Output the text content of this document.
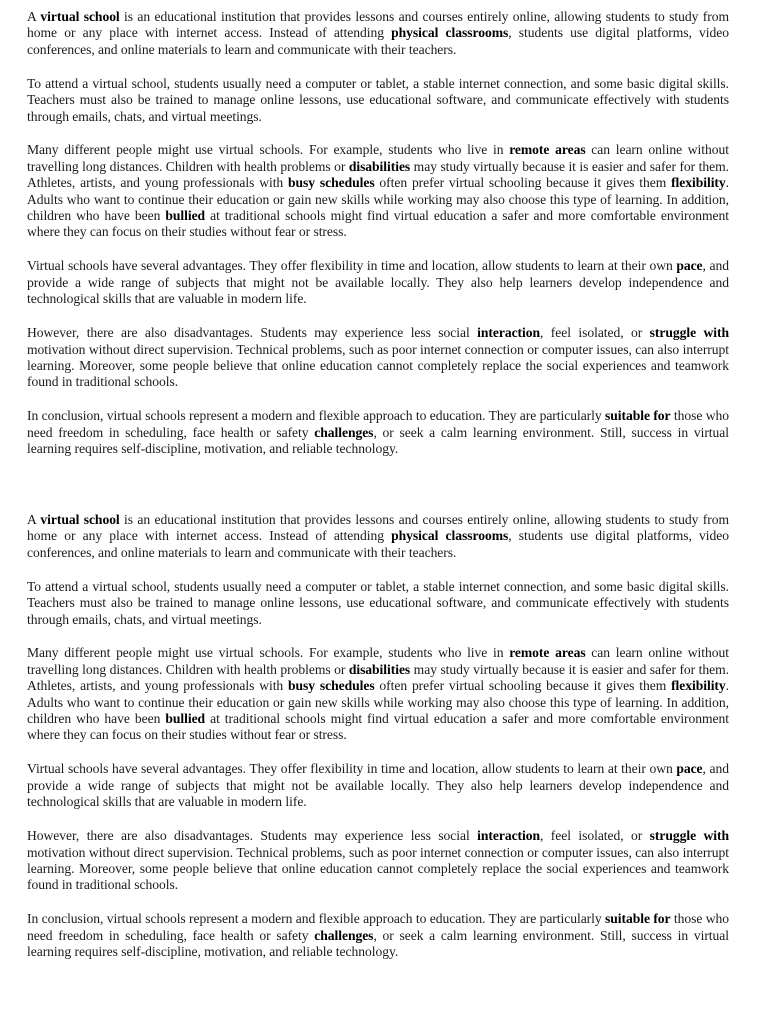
A virtual school is an educational institution that provides lessons and courses entirely online, allowing students to study from home or any place with internet access. Instead of attending physical classrooms, students use digital platforms, video conferences, and online materials to learn and communicate with their teachers.

To attend a virtual school, students usually need a computer or tablet, a stable internet connection, and some basic digital skills. Teachers must also be trained to manage online lessons, use educational software, and communicate effectively with students through emails, chats, and virtual meetings.

Many different people might use virtual schools. For example, students who live in remote areas can learn online without travelling long distances. Children with health problems or disabilities may study virtually because it is easier and safer for them. Athletes, artists, and young professionals with busy schedules often prefer virtual schooling because it gives them flexibility. Adults who want to continue their education or gain new skills while working may also choose this type of learning. In addition, children who have been bullied at traditional schools might find virtual education a safer and more comfortable environment where they can focus on their studies without fear or stress.

Virtual schools have several advantages. They offer flexibility in time and location, allow students to learn at their own pace, and provide a wide range of subjects that might not be available locally. They also help learners develop independence and technological skills that are valuable in modern life.

However, there are also disadvantages. Students may experience less social interaction, feel isolated, or struggle with motivation without direct supervision. Technical problems, such as poor internet connection or computer issues, can also interrupt learning. Moreover, some people believe that online education cannot completely replace the social experiences and teamwork found in traditional schools.

In conclusion, virtual schools represent a modern and flexible approach to education. They are particularly suitable for those who need freedom in scheduling, face health or safety challenges, or seek a calm learning environment. Still, success in virtual learning requires self-discipline, motivation, and reliable technology.

A virtual school is an educational institution that provides lessons and courses entirely online, allowing students to study from home or any place with internet access. Instead of attending physical classrooms, students use digital platforms, video conferences, and online materials to learn and communicate with their teachers.

To attend a virtual school, students usually need a computer or tablet, a stable internet connection, and some basic digital skills. Teachers must also be trained to manage online lessons, use educational software, and communicate effectively with students through emails, chats, and virtual meetings.

Many different people might use virtual schools. For example, students who live in remote areas can learn online without travelling long distances. Children with health problems or disabilities may study virtually because it is easier and safer for them. Athletes, artists, and young professionals with busy schedules often prefer virtual schooling because it gives them flexibility. Adults who want to continue their education or gain new skills while working may also choose this type of learning. In addition, children who have been bullied at traditional schools might find virtual education a safer and more comfortable environment where they can focus on their studies without fear or stress.

Virtual schools have several advantages. They offer flexibility in time and location, allow students to learn at their own pace, and provide a wide range of subjects that might not be available locally. They also help learners develop independence and technological skills that are valuable in modern life.

However, there are also disadvantages. Students may experience less social interaction, feel isolated, or struggle with motivation without direct supervision. Technical problems, such as poor internet connection or computer issues, can also interrupt learning. Moreover, some people believe that online education cannot completely replace the social experiences and teamwork found in traditional schools.

In conclusion, virtual schools represent a modern and flexible approach to education. They are particularly suitable for those who need freedom in scheduling, face health or safety challenges, or seek a calm learning environment. Still, success in virtual learning requires self-discipline, motivation, and reliable technology.
